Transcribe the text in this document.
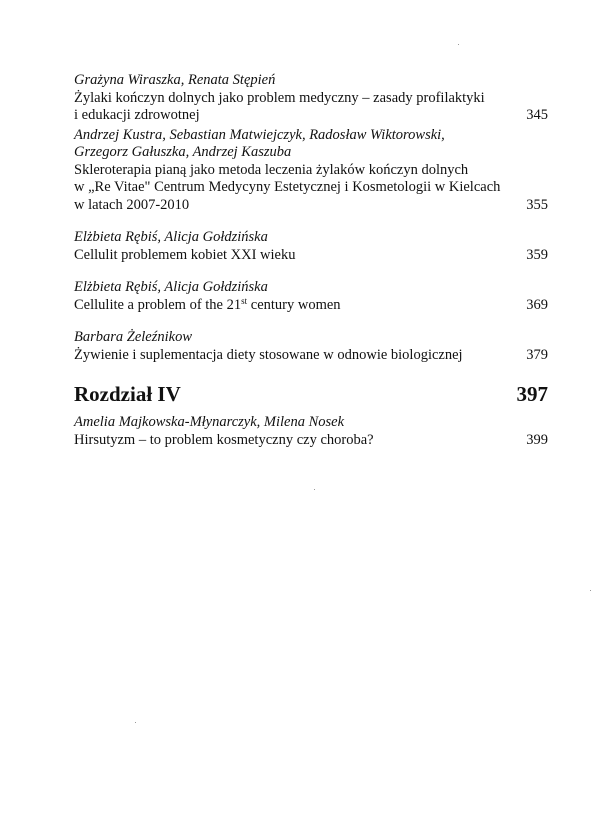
Grażyna Wiraszka, Renata Stępień
Żylaki kończyn dolnych jako problem medyczny – zasady profilaktyki
i edukacji zdrowotnej	345
Andrzej Kustra, Sebastian Matwiejczyk, Radosław Wiktorowski,
Grzegorz Gałuszka, Andrzej Kaszuba
Skleroterapia pianą jako metoda leczenia żylaków kończyn dolnych
w „Re Vitae" Centrum Medycyny Estetycznej i Kosmetologii w Kielcach
w latach 2007-2010	355
Elżbieta Rębiś, Alicja Gołdzińska
Cellulit problemem kobiet XXI wieku	359
Elżbieta Rębiś, Alicja Gołdzińska
Cellulite a problem of the 21st century women	369
Barbara Żeleźnikow
Żywienie i suplementacja diety stosowane w odnowie biologicznej	379
Rozdział IV	397
Amelia Majkowska-Młynarczyk, Milena Nosek
Hirsutyzm – to problem kosmetyczny czy choroba?	399
